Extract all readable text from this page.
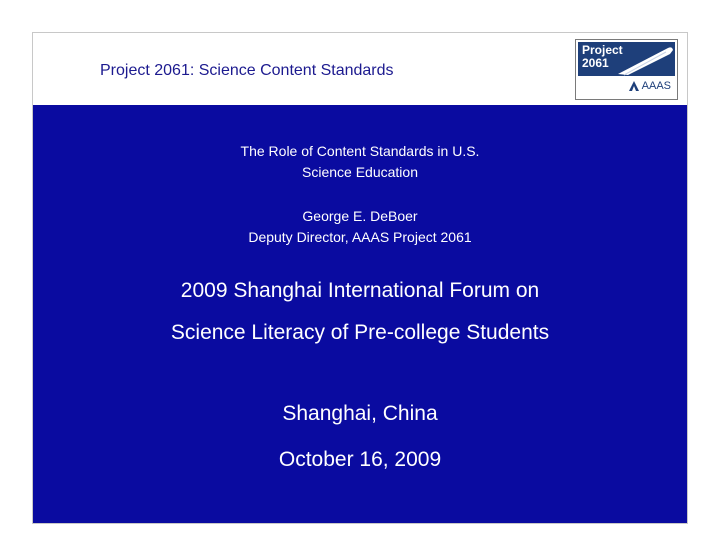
Project 2061: Science Content Standards
Project
2061
AAAS
The Role of Content Standards in U.S.
Science Education
George E. DeBoer
Deputy Director, AAAS Project 2061
2009 Shanghai International Forum on
Science Literacy of Pre-college Students
Shanghai, China
October 16, 2009
